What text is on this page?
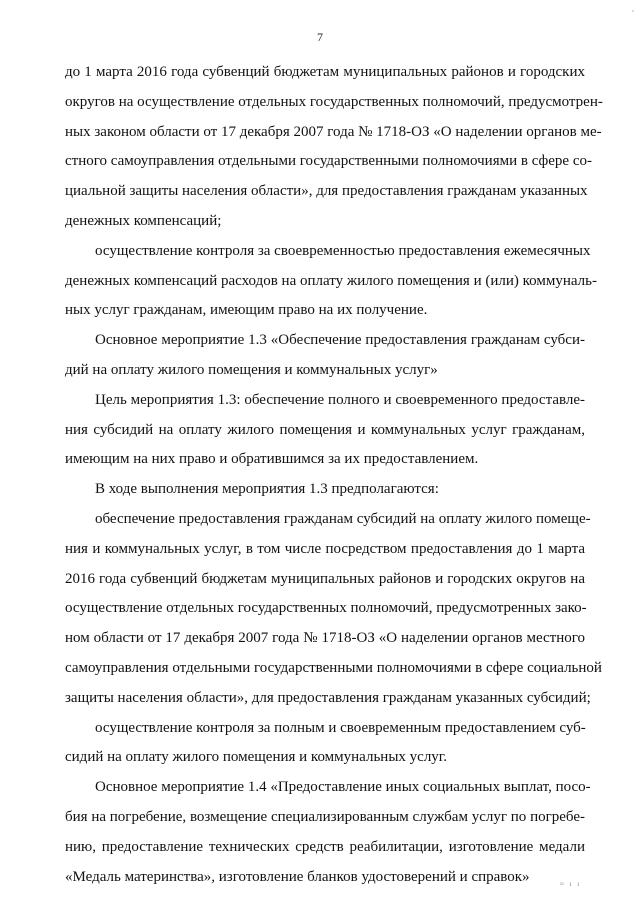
,
7
до 1 марта 2016 года субвенций бюджетам муниципальных районов и городских
округов на осуществление отдельных государственных полномочий, предусмотрен-
ных законом области от 17 декабря 2007 года № 1718-ОЗ «О наделении органов ме-
стного самоуправления отдельными государственными полномочиями в сфере со-
циальной защиты населения области», для предоставления гражданам указанных
денежных компенсаций;
осуществление контроля за своевременностью предоставления ежемесячных
денежных компенсаций расходов на оплату жилого помещения и (или) коммуналь-
ных услуг гражданам, имеющим право на их получение.
Основное мероприятие 1.3 «Обеспечение предоставления гражданам субси-
дий на оплату жилого помещения и коммунальных услуг»
Цель мероприятия 1.3: обеспечение полного и своевременного предоставле-
ния субсидий на оплату жилого помещения и коммунальных услуг гражданам,
имеющим на них право и обратившимся за их предоставлением.
В ходе выполнения мероприятия 1.3 предполагаются:
обеспечение предоставления гражданам субсидий на оплату жилого помеще-
ния и коммунальных услуг, в том числе посредством предоставления до 1 марта
2016 года субвенций бюджетам муниципальных районов и городских округов на
осуществление отдельных государственных полномочий, предусмотренных зако-
ном области от 17 декабря 2007 года № 1718-ОЗ «О наделении органов местного
самоуправления отдельными государственными полномочиями в сфере социальной
защиты населения области», для предоставления гражданам указанных субсидий;
осуществление контроля за полным и своевременным предоставлением суб-
сидий на оплату жилого помещения и коммунальных услуг.
Основное мероприятие 1.4 «Предоставление иных социальных выплат, посо-
бия на погребение, возмещение специализированным службам услуг по погребе-
нию, предоставление технических средств реабилитации, изготовление медали
«Медаль материнства», изготовление бланков удостоверений и справок»	≈ ı ı
